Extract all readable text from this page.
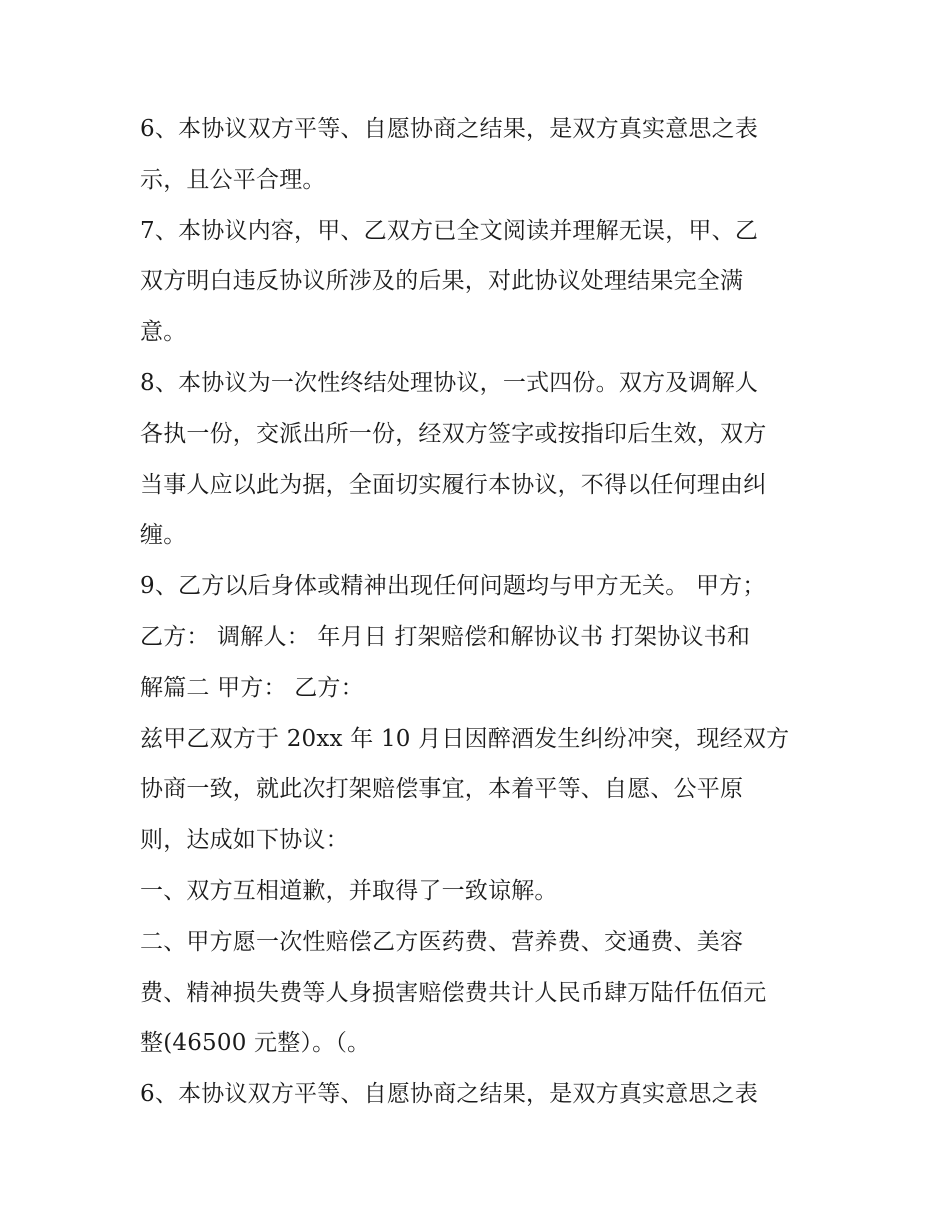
6、本协议双方平等、自愿协商之结果，是双方真实意思之表
示，且公平合理。
7、本协议内容，甲、乙双方已全文阅读并理解无误，甲、乙
双方明白违反协议所涉及的后果，对此协议处理结果完全满
意。
8、本协议为一次性终结处理协议，一式四份。双方及调解人
各执一份，交派出所一份，经双方签字或按指印后生效，双方
当事人应以此为据，全面切实履行本协议，不得以任何理由纠
缠。
9、乙方以后身体或精神出现任何问题均与甲方无关。 甲方；
乙方： 调解人： 年月日 打架赔偿和解协议书 打架协议书和
解篇二 甲方： 乙方：
兹甲乙双方于 20xx 年 10 月日因醉酒发生纠纷冲突，现经双方
协商一致，就此次打架赔偿事宜，本着平等、自愿、公平原
则，达成如下协议：
一、双方互相道歉，并取得了一致谅解。
二、甲方愿一次性赔偿乙方医药费、营养费、交通费、美容
费、精神损失费等人身损害赔偿费共计人民币肆万陆仟伍佰元
整(46500 元整）。（。
6、本协议双方平等、自愿协商之结果，是双方真实意思之表
